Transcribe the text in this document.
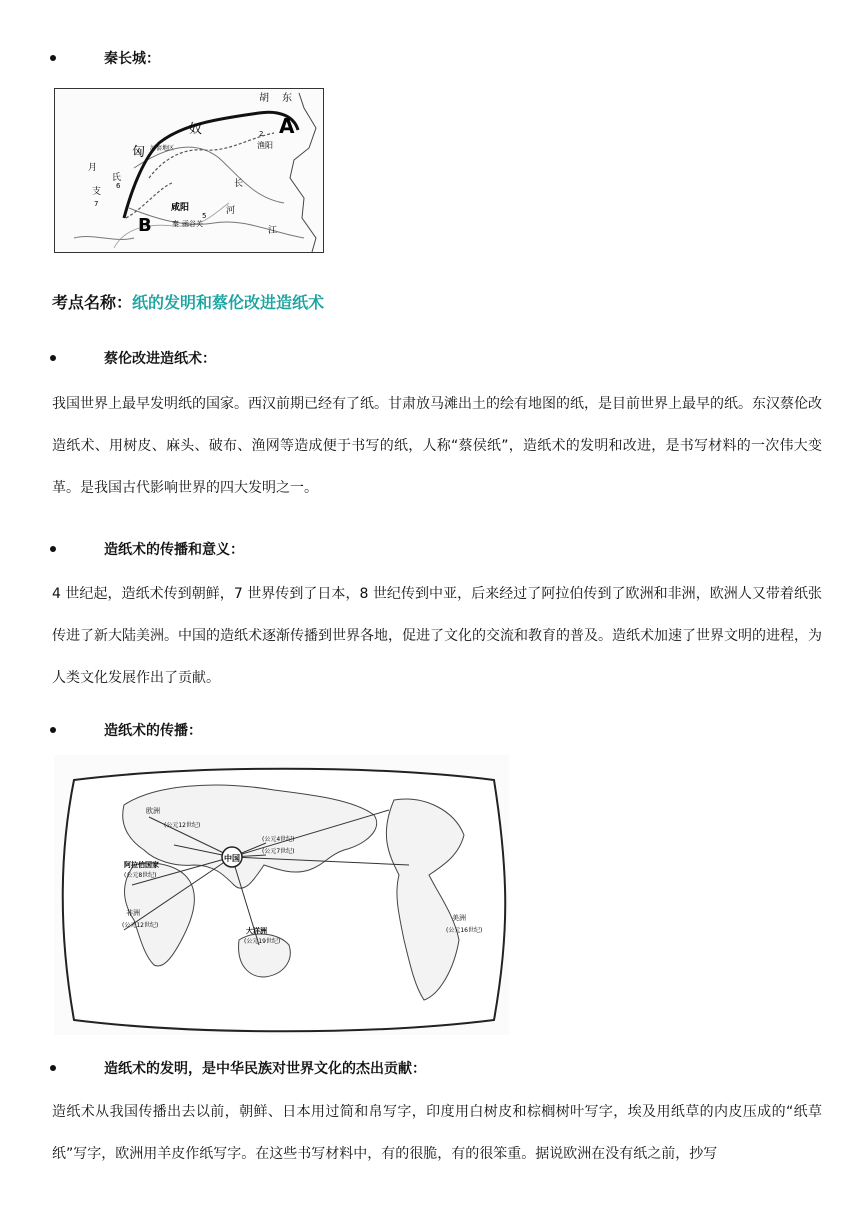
秦长城：
胡 东
奴
匈
月
氏
支
6
7
河套地区
2
渔阳
A
B
咸阳
秦 函谷关
5 河
长
江
考点名称：纸的发明和蔡伦改进造纸术
蔡伦改进造纸术：
我国世界上最早发明纸的国家。西汉前期已经有了纸。甘肃放马滩出土的绘有地图的纸，是目前世界上最早的纸。东汉蔡伦改造纸术、用树皮、麻头、破布、渔网等造成便于书写的纸，人称“蔡侯纸”，造纸术的发明和改进，是书写材料的一次伟大变革。是我国古代影响世界的四大发明之一。
造纸术的传播和意义：
4 世纪起，造纸术传到朝鲜，7 世界传到了日本，8 世纪传到中亚，后来经过了阿拉伯传到了欧洲和非洲，欧洲人又带着纸张传进了新大陆美洲。中国的造纸术逐渐传播到世界各地，促进了文化的交流和教育的普及。造纸术加速了世界文明的进程，为人类文化发展作出了贡献。
造纸术的传播：
中国
欧洲
(公元12世纪)
阿拉伯国家
(公元8世纪)
(公元4世纪)
(公元7世纪)
非洲
(公元12世纪)
大洋洲
(公元19世纪)
美洲
(公元16世纪)
造纸术的发明，是中华民族对世界文化的杰出贡献：
造纸术从我国传播出去以前，朝鲜、日本用过简和帛写字，印度用白树皮和棕榈树叶写字，埃及用纸草的内皮压成的“纸草纸”写字，欧洲用羊皮作纸写字。在这些书写材料中，有的很脆，有的很笨重。据说欧洲在没有纸之前，抄写
